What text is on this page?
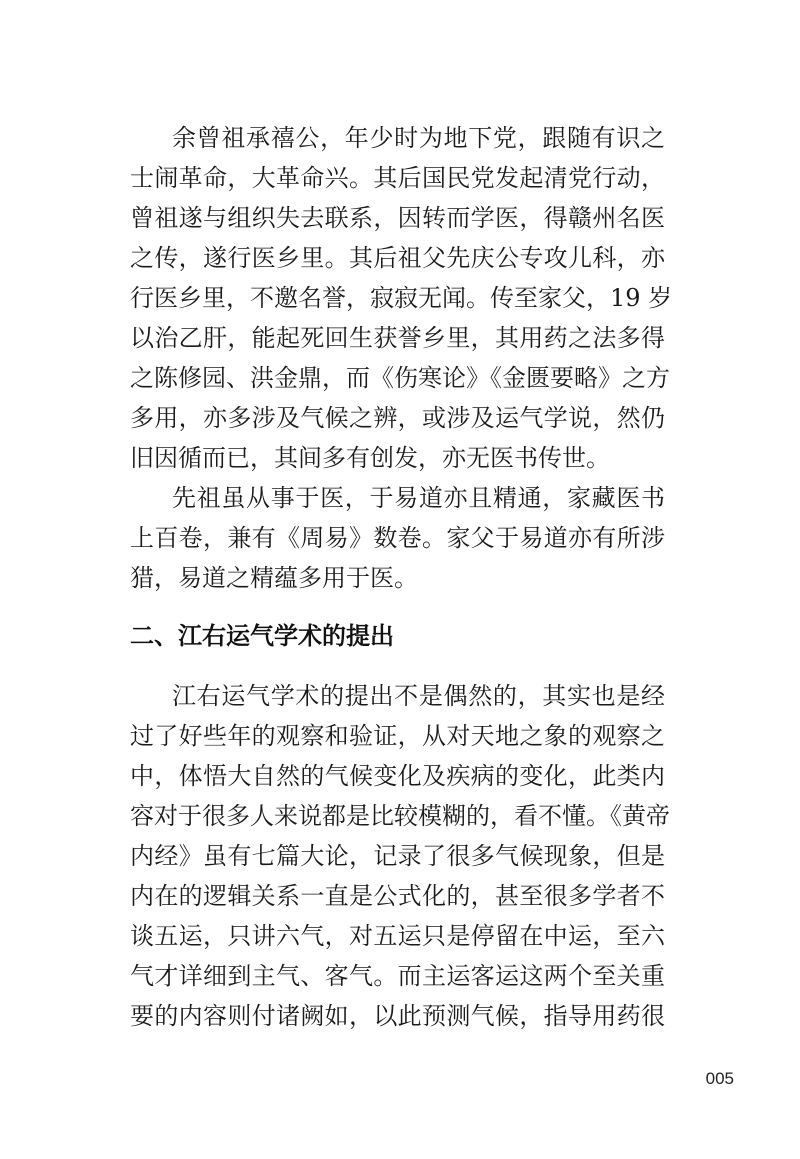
余曾祖承禧公，年少时为地下党，跟随有识之
士闹革命，大革命兴。其后国民党发起清党行动，
曾祖遂与组织失去联系，因转而学医，得赣州名医
之传，遂行医乡里。其后祖父先庆公专攻儿科，亦
行医乡里，不邀名誉，寂寂无闻。传至家父，19 岁
以治乙肝，能起死回生获誉乡里，其用药之法多得
之陈修园、洪金鼎，而《伤寒论》《金匮要略》之方
多用，亦多涉及气候之辨，或涉及运气学说，然仍
旧因循而已，其间多有创发，亦无医书传世。
先祖虽从事于医，于易道亦且精通，家藏医书
上百卷，兼有《周易》数卷。家父于易道亦有所涉
猎，易道之精蕴多用于医。
二、江右运气学术的提出
江右运气学术的提出不是偶然的，其实也是经
过了好些年的观察和验证，从对天地之象的观察之
中，体悟大自然的气候变化及疾病的变化，此类内
容对于很多人来说都是比较模糊的，看不懂。《黄帝
内经》虽有七篇大论，记录了很多气候现象，但是
内在的逻辑关系一直是公式化的，甚至很多学者不
谈五运，只讲六气，对五运只是停留在中运，至六
气才详细到主气、客气。而主运客运这两个至关重
要的内容则付诸阙如，以此预测气候，指导用药很
005
